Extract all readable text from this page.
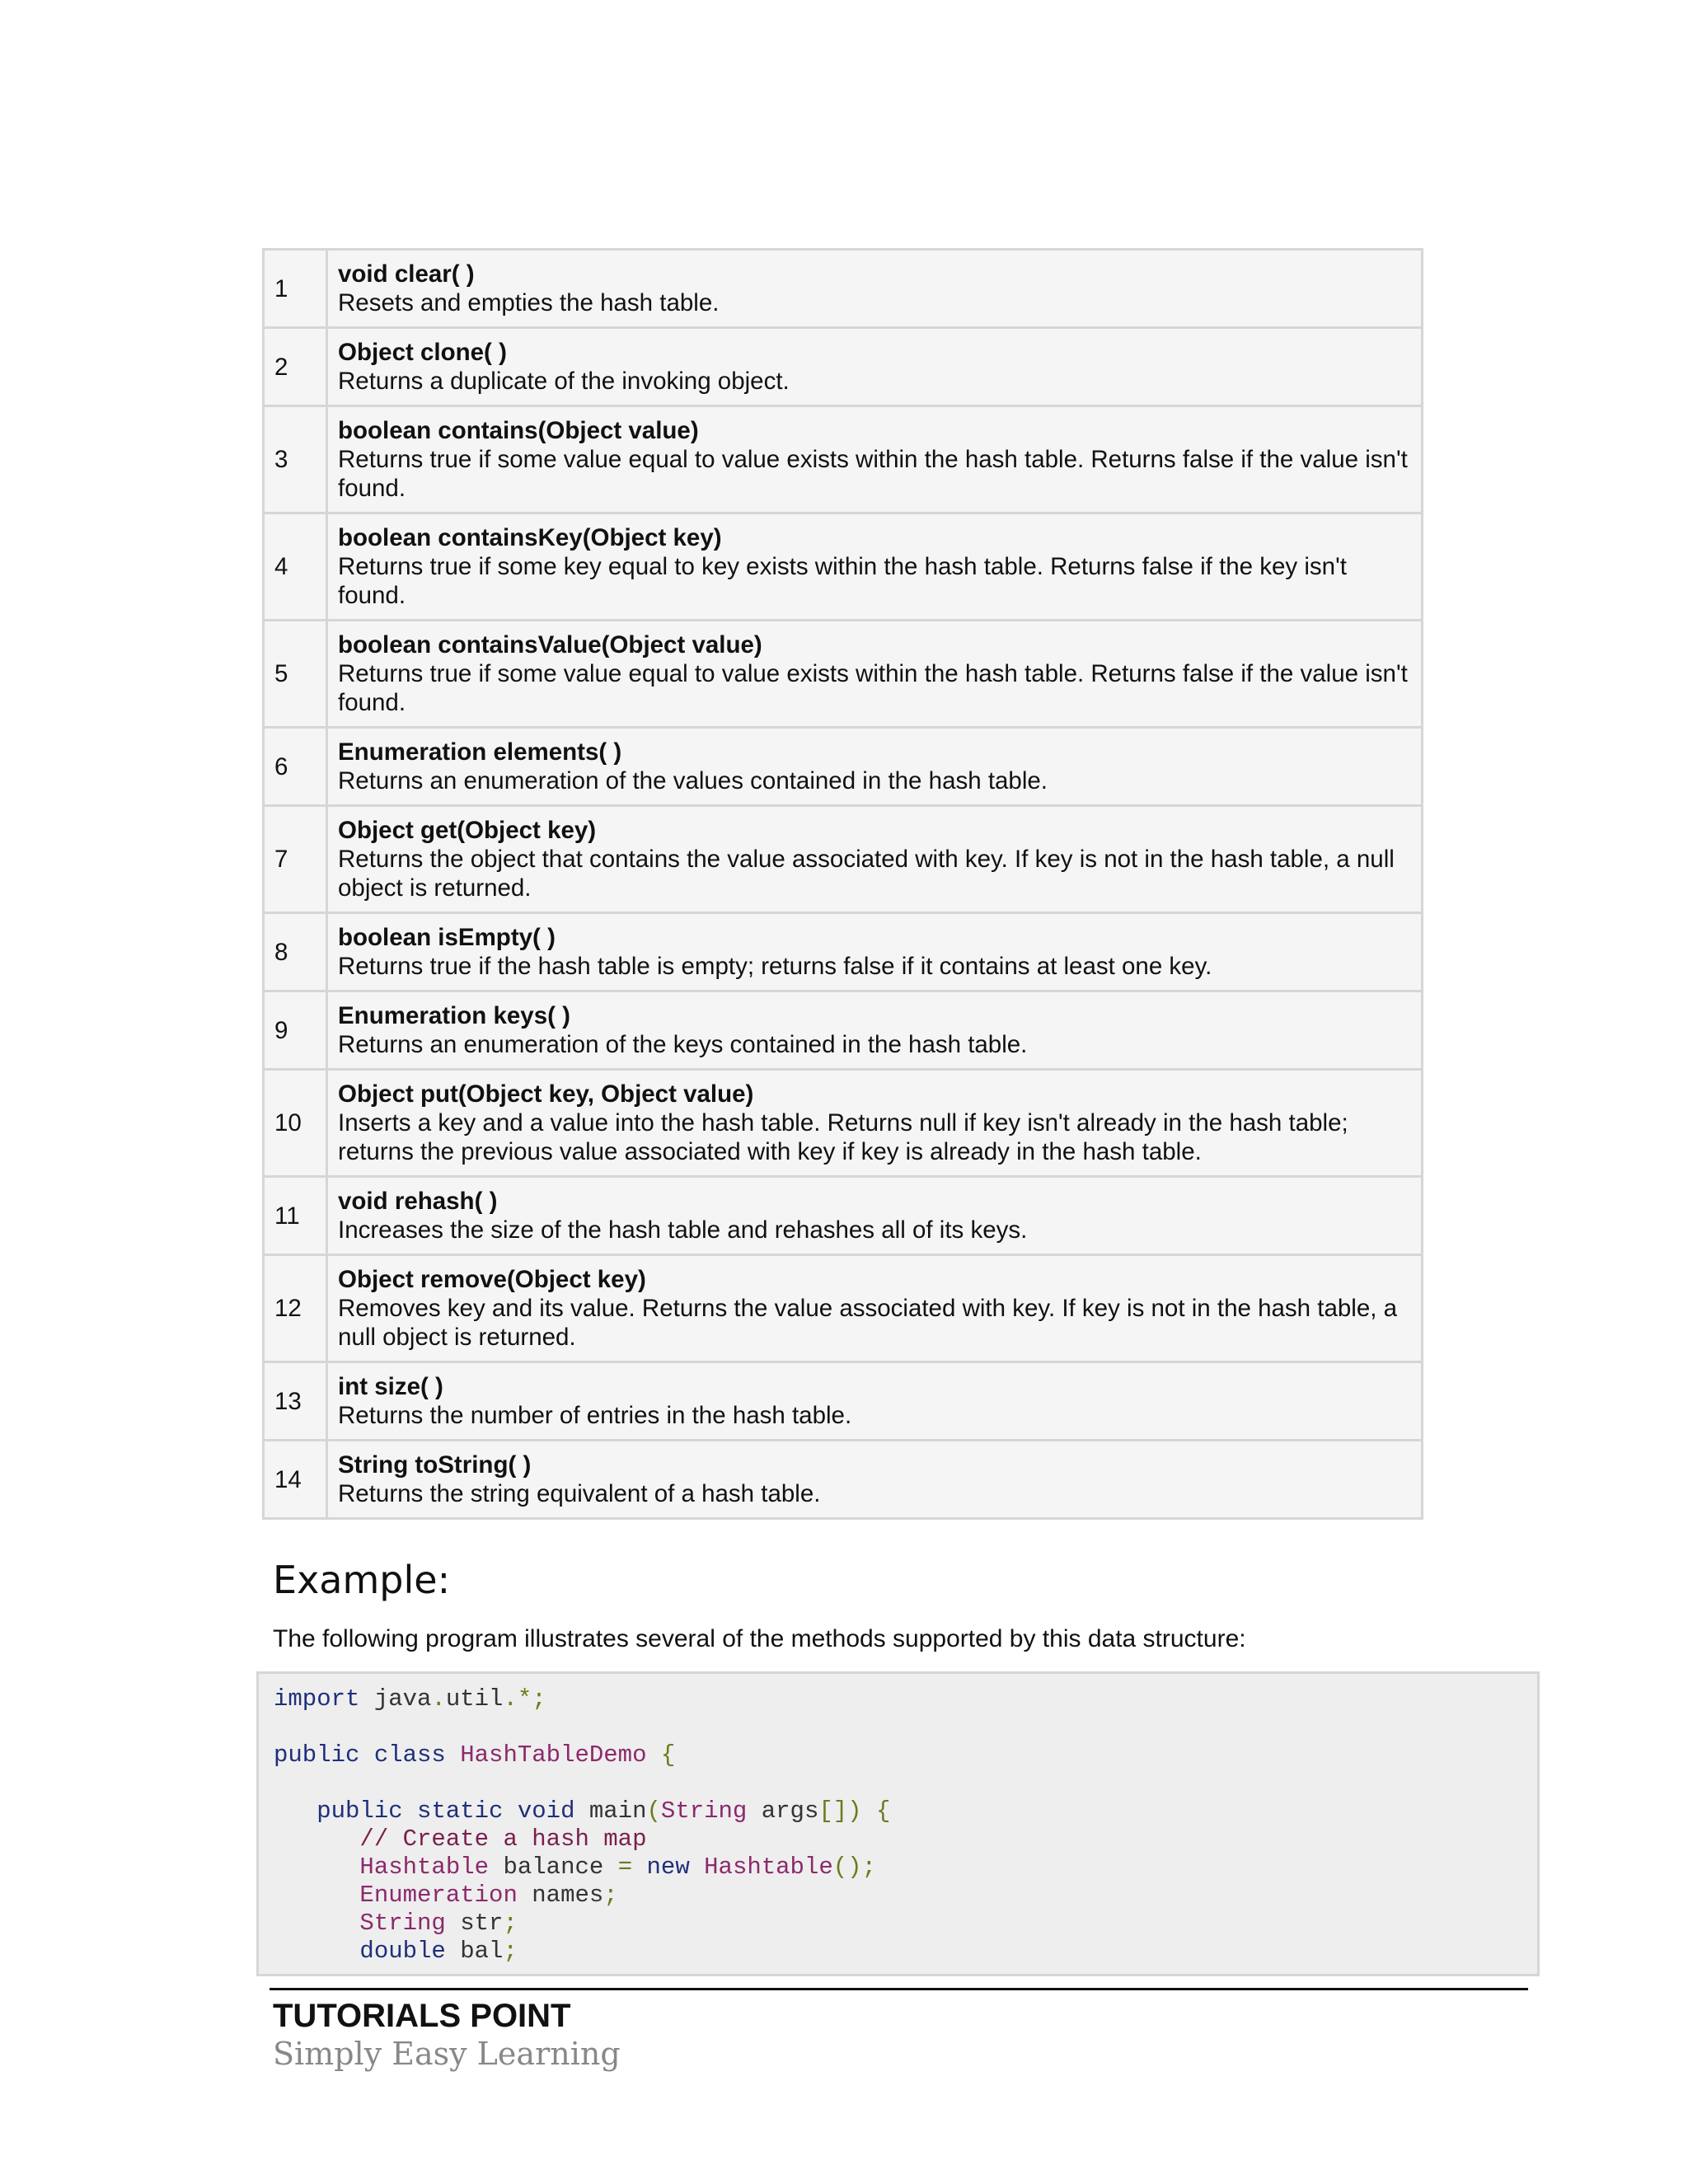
1	void clear( )
Resets and empties the hash table.

2	Object clone( )
Returns a duplicate of the invoking object.

3	boolean contains(Object value)
Returns true if some value equal to value exists within the hash table. Returns false if the value isn't found.

4	boolean containsKey(Object key)
Returns true if some key equal to key exists within the hash table. Returns false if the key isn't found.

5	boolean containsValue(Object value)
Returns true if some value equal to value exists within the hash table. Returns false if the value isn't found.

6	Enumeration elements( )
Returns an enumeration of the values contained in the hash table.

7	Object get(Object key)
Returns the object that contains the value associated with key. If key is not in the hash table, a null object is returned.

8	boolean isEmpty( )
Returns true if the hash table is empty; returns false if it contains at least one key.

9	Enumeration keys( )
Returns an enumeration of the keys contained in the hash table.

10	Object put(Object key, Object value)
Inserts a key and a value into the hash table. Returns null if key isn't already in the hash table; returns the previous value associated with key if key is already in the hash table.

11	void rehash( )
Increases the size of the hash table and rehashes all of its keys.

12	Object remove(Object key)
Removes key and its value. Returns the value associated with key. If key is not in the hash table, a null object is returned.

13	int size( )
Returns the number of entries in the hash table.

14	String toString( )
Returns the string equivalent of a hash table.
Example:

The following program illustrates several of the methods supported by this data structure:

import java.util.*;

public class HashTableDemo {

public static void main(String args[]) {
// Create a hash map
Hashtable balance = new Hashtable();
Enumeration names;
String str;
double bal;

TUTORIALS POINT

Simply Easy Learning
